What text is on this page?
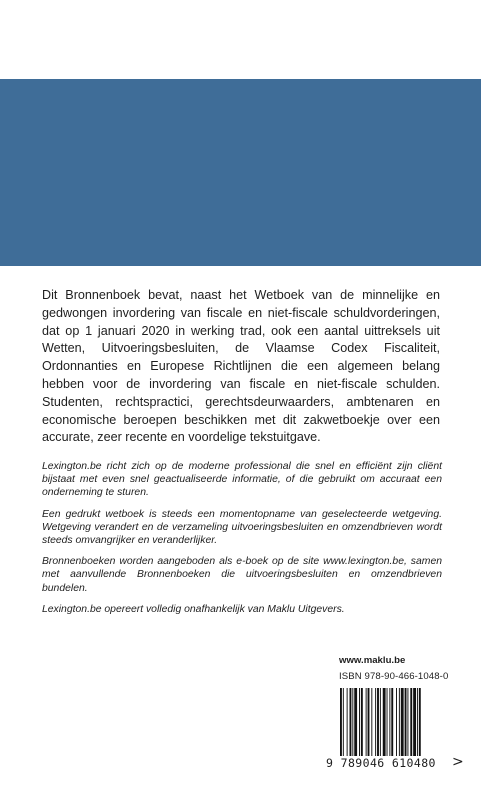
Dit Bronnenboek bevat, naast het Wetboek van de minnelijke en gedwongen invordering van fiscale en niet-fiscale schuldvorderingen, dat op 1 januari 2020 in werking trad, ook een aantal uittreksels uit Wetten, Uitvoeringsbesluiten, de Vlaamse Codex Fiscaliteit, Ordonnanties en Europese Richtlijnen die een algemeen belang hebben voor de invordering van fiscale en niet-fiscale schulden. Studenten, rechtspractici, gerechtsdeurwaarders, ambtenaren en economische beroepen beschikken met dit zakwetboekje over een accurate, zeer recente en voordelige tekstuitgave.

Lexington.be richt zich op de moderne professional die snel en efficiënt zijn cliënt bijstaat met even snel geactualiseerde informatie, of die gebruikt om accuraat een onderneming te sturen.

Een gedrukt wetboek is steeds een momentopname van geselecteerde wetgeving. Wetgeving verandert en de verzameling uitvoeringsbesluiten en omzendbrieven wordt steeds omvangrijker en veranderlijker.

Bronnenboeken worden aangeboden als e-boek op de site www.lexington.be, samen met aanvullende Bronnenboeken die uitvoeringsbesluiten en omzendbrieven bundelen.

Lexington.be opereert volledig onafhankelijk van Maklu Uitgevers.

www.maklu.be
ISBN 978-90-466-1048-0
9 789046 610480	>
